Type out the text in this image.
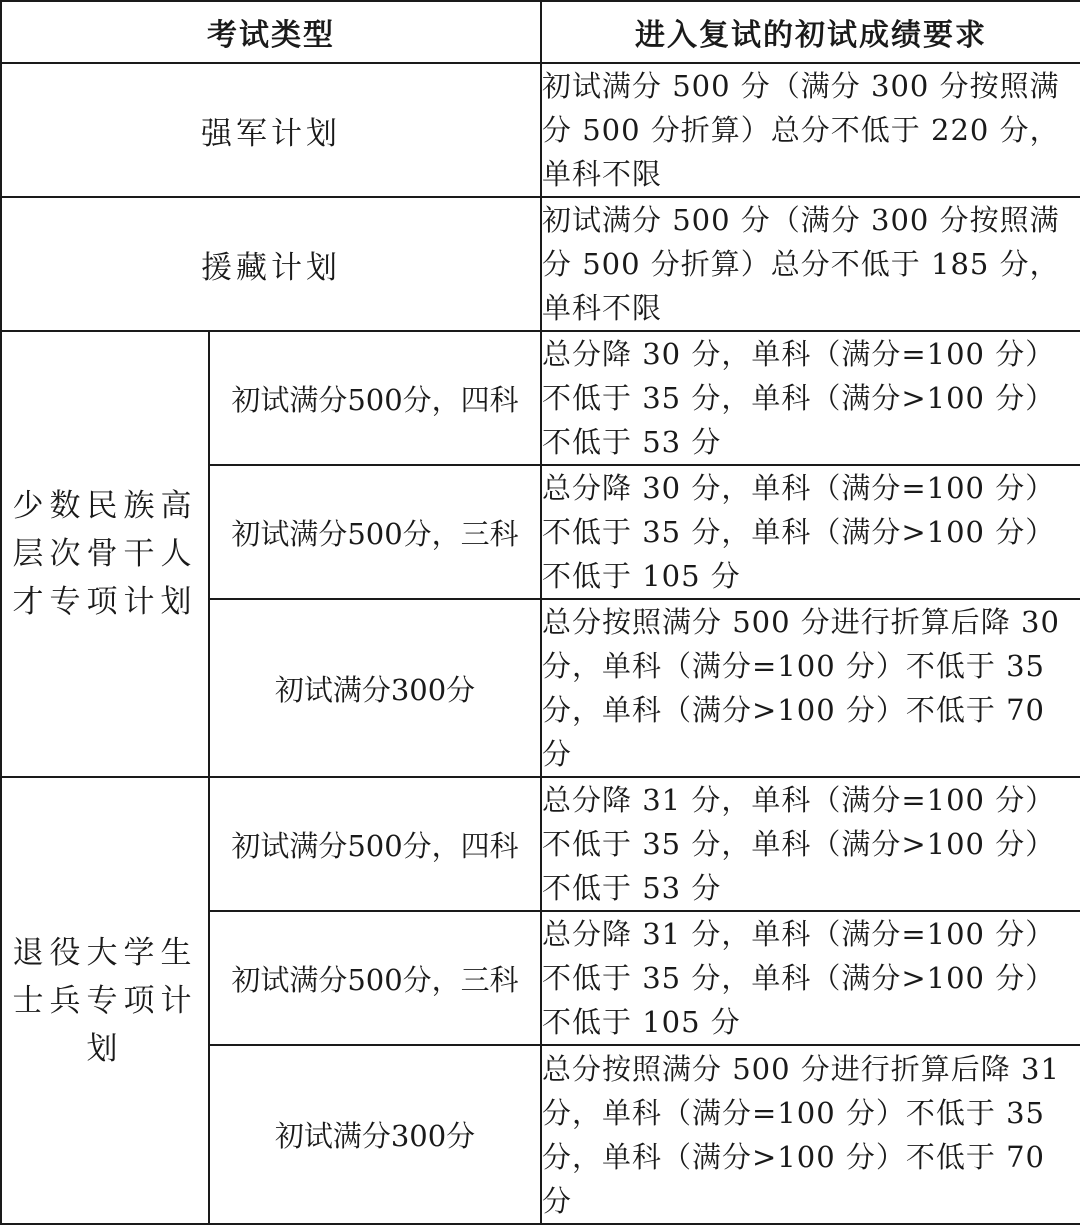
考试类型		进入复试的初试成绩要求
强军计划		初试满分 500 分（满分 300 分按照满分 500 分折算）总分不低于 220 分，单科不限
援藏计划		初试满分 500 分（满分 300 分按照满分 500 分折算）总分不低于 185 分，单科不限
少数民族高层次骨干人才专项计划	初试满分500分，四科	总分降 30 分，单科（满分=100 分）不低于 35 分，单科（满分>100 分）不低于 53 分
	初试满分500分，三科	总分降 30 分，单科（满分=100 分）不低于 35 分，单科（满分>100 分）不低于 105 分
	初试满分300分	总分按照满分 500 分进行折算后降 30 分，单科（满分=100 分）不低于 35 分，单科（满分>100 分）不低于 70 分
退役大学生士兵专项计划	初试满分500分，四科	总分降 31 分，单科（满分=100 分）不低于 35 分，单科（满分>100 分）不低于 53 分
	初试满分500分，三科	总分降 31 分，单科（满分=100 分）不低于 35 分，单科（满分>100 分）不低于 105 分
	初试满分300分	总分按照满分 500 分进行折算后降 31 分，单科（满分=100 分）不低于 35 分，单科（满分>100 分）不低于 70 分
